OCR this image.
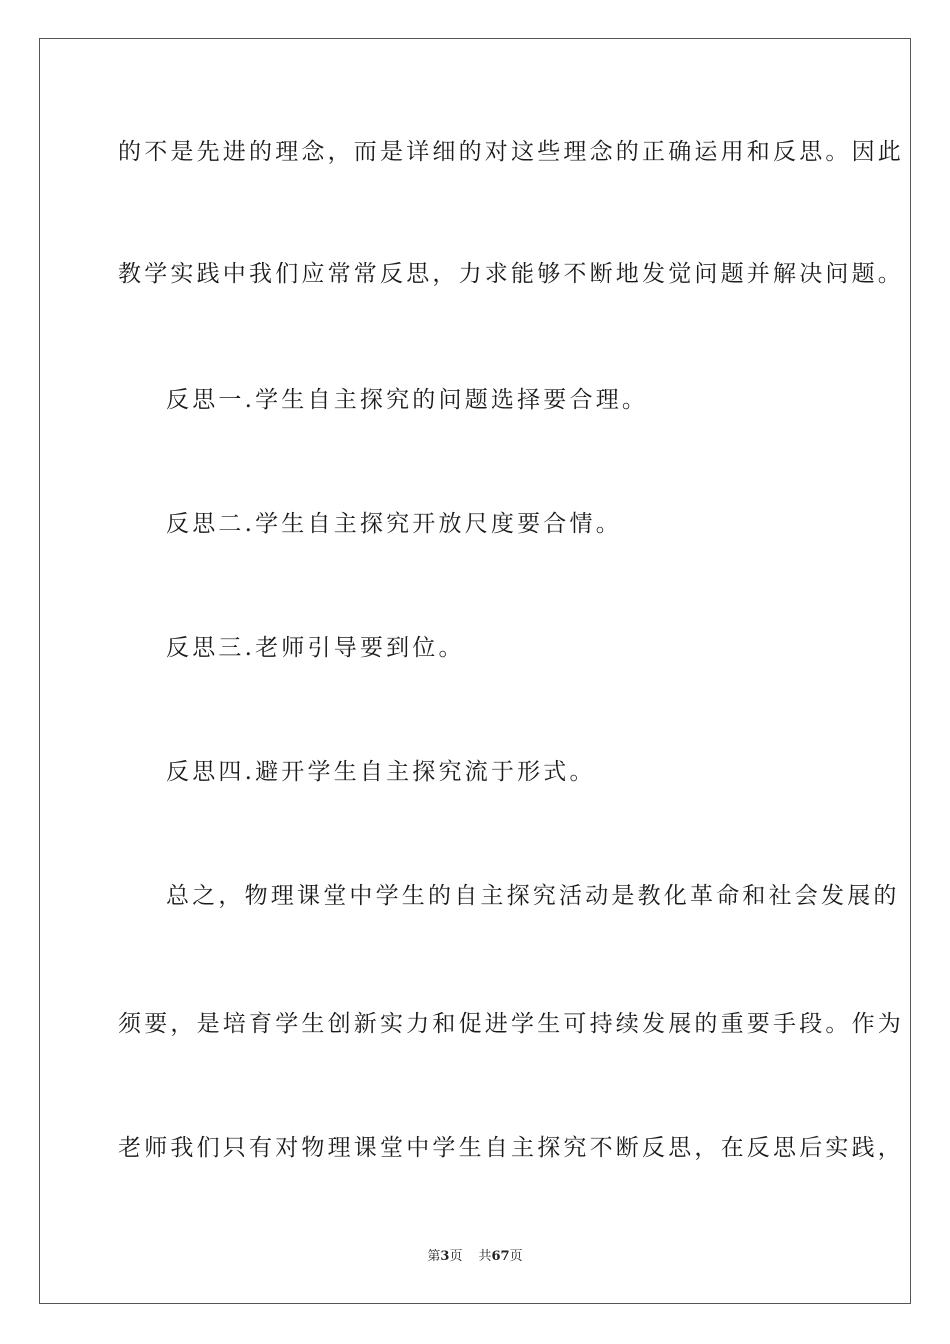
的不是先进的理念，而是详细的对这些理念的正确运用和反思。因此
教学实践中我们应常常反思，力求能够不断地发觉问题并解决问题。
反思一.学生自主探究的问题选择要合理。
反思二.学生自主探究开放尺度要合情。
反思三.老师引导要到位。
反思四.避开学生自主探究流于形式。
总之，物理课堂中学生的自主探究活动是教化革命和社会发展的
须要，是培育学生创新实力和促进学生可持续发展的重要手段。作为
老师我们只有对物理课堂中学生自主探究不断反思，在反思后实践，
第3页 共67页
